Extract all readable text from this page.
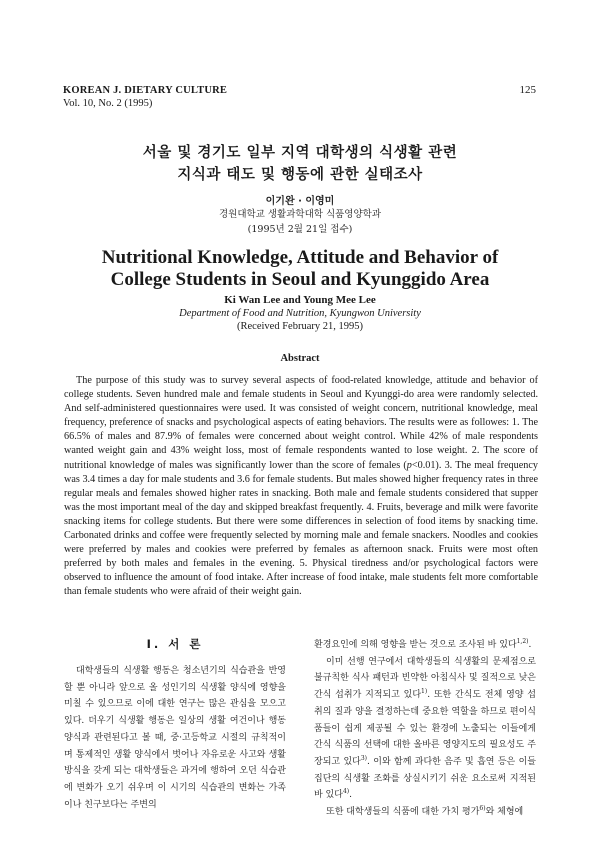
KOREAN J. DIETARY CULTURE
Vol. 10, No. 2 (1995)
125
서울 및 경기도 일부 지역 대학생의 식생활 관련
지식과 태도 및 행동에 관한 실태조사
이기완 · 이영미
경원대학교 생활과학대학 식품영양학과
(1995년 2월 21일 접수)
Nutritional Knowledge, Attitude and Behavior of
College Students in Seoul and Kyunggido Area
Ki Wan Lee and Young Mee Lee
Department of Food and Nutrition, Kyungwon University
(Received February 21, 1995)
Abstract

The purpose of this study was to survey several aspects of food-related knowledge, attitude and behavior of college students. Seven hundred male and female students in Seoul and Kyunggi-do area were randomly selected. And self-administered questionnaires were used. It was consisted of weight concern, nutritional knowledge, meal frequency, preference of snacks and psychological aspects of eating behaviors. The results were as followes: 1. The 66.5% of males and 87.9% of females were concerned about weight control. While 42% of male respondents wanted weight gain and 43% weight loss, most of female respondents wanted to lose weight. 2. The score of nutritional knowledge of males was significantly lower than the score of females (p<0.01). 3. The meal frequency was 3.4 times a day for male students and 3.6 for female students. But males showed higher frequency rates in three regular meals and females showed higher rates in snacking. Both male and female students considered that supper was the most important meal of the day and skipped breakfast frequently. 4. Fruits, beverage and milk were favorite snacking items for college students. But there were some differences in selection of food items by snacking time. Carbonated drinks and coffee were frequently selected by morning male and female snackers. Noodles and cookies were preferred by males and cookies were preferred by females as afternoon snack. Fruits were most often preferred by both males and females in the evening. 5. Physical tiredness and/or psychological factors were observed to influence the amount of food intake. After increase of food intake, male students felt more comfortable than female students who were afraid of their weight gain.

I. 서 론

대학생들의 식생활 행동은 청소년기의 식습관을 반영할 뿐 아니라 앞으로 올 성인기의 식생활 양식에 영향을 미칠 수 있으므로 이에 대한 연구는 많은 관심을 모으고 있다. 더우기 식생활 행동은 일상의 생활 여건이나 행동 양식과 관련된다고 볼 때, 중·고등학교 시절의 규칙적이며 통제적인 생활 양식에서 벗어나 자유로운 사고와 생활 방식을 갖게 되는 대학생들은 과거에 행하여 오던 식습관에 변화가 오기 쉬우며 이 시기의 식습관의 변화는 가족이나 친구보다는 주변의

환경요인에 의해 영향을 받는 것으로 조사된 바 있다$^{1,2)}$.

이미 선행 연구에서 대학생들의 식생활의 문제점으로 불규칙한 식사 패턴과 빈약한 아침식사 및 질적으로 낮은 간식 섭취가 지적되고 있다$^{1)}$. 또한 간식도 전체 영양 섭취의 질과 양을 결정하는데 중요한 역할을 하므로 편이식품들이 쉽게 제공될 수 있는 환경에 노출되는 이들에게 간식 식품의 선택에 대한 올바른 영양지도의 필요성도 주장되고 있다$^{3)}$. 이와 함께 과다한 음주 및 흡연 등은 이들 집단의 식생활 조화를 상실시키기 쉬운 요소로써 지적된 바 있다$^{4)}$.

또한 대학생들의 식품에 대한 가치 평가$^{6)}$와 체형에
